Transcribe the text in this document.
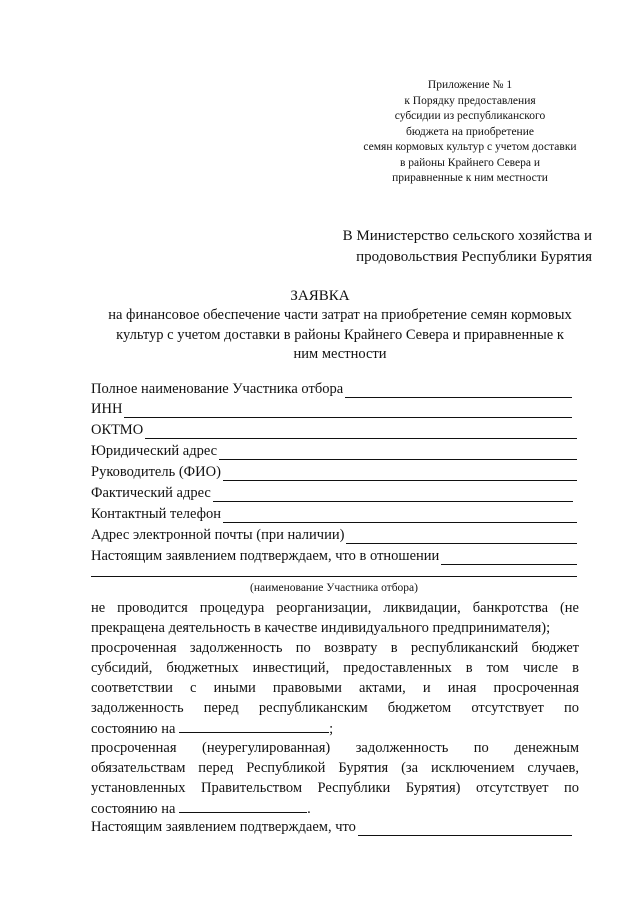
Приложение № 1
к Порядку предоставления
субсидии из республиканского
бюджета на приобретение
семян кормовых культур с учетом доставки
в районы Крайнего Севера и
приравненные к ним местности
В Министерство сельского хозяйства и
продовольствия Республики Бурятия
ЗАЯВКА
на финансовое обеспечение части затрат на приобретение семян кормовых
культур с учетом доставки в районы Крайнего Севера и приравненные к
ним местности
Полное наименование Участника отбора
ИНН
ОКТМО
Юридический адрес
Руководитель (ФИО)
Фактический адрес
Контактный телефон
Адрес электронной почты (при наличии)
Настоящим заявлением подтверждаем, что в отношении
(наименование Участника отбора)
не проводится процедура реорганизации, ликвидации, банкротства (не
прекращена деятельность в качестве индивидуального предпринимателя);
просроченная задолженность по возврату в республиканский бюджет
субсидий, бюджетных инвестиций, предоставленных в том числе в
соответствии с иными правовыми актами, и иная просроченная
задолженность перед республиканским бюджетом отсутствует по
состоянию на	;
просроченная (неурегулированная) задолженность по денежным
обязательствам перед Республикой Бурятия (за исключением случаев,
установленных Правительством Республики Бурятия) отсутствует по
состоянию на	.
Настоящим заявлением подтверждаем, что
